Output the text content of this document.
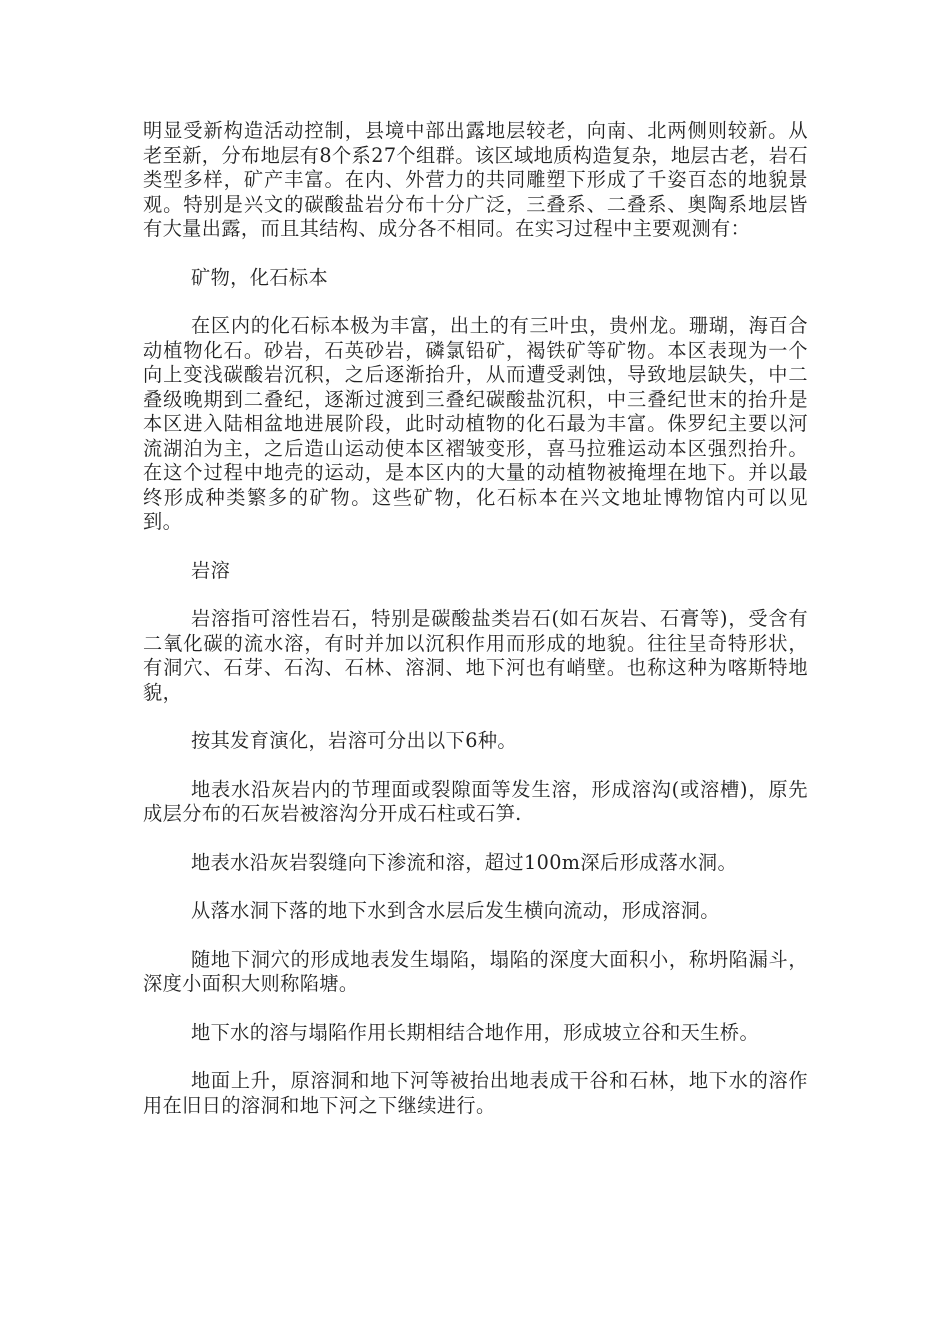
明显受新构造活动控制，县境中部出露地层较老，向南、北两侧则较新。从老至新，分布地层有8个系27个组群。该区域地质构造复杂，地层古老，岩石类型多样，矿产丰富。在内、外营力的共同雕塑下形成了千姿百态的地貌景观。特别是兴文的碳酸盐岩分布十分广泛，三叠系、二叠系、奥陶系地层皆有大量出露，而且其结构、成分各不相同。在实习过程中主要观测有：

矿物，化石标本

在区内的化石标本极为丰富，出土的有三叶虫，贵州龙。珊瑚，海百合动植物化石。砂岩，石英砂岩，磷氯铅矿，褐铁矿等矿物。本区表现为一个向上变浅碳酸岩沉积，之后逐渐抬升，从而遭受剥蚀，导致地层缺失，中二叠级晚期到二叠纪，逐渐过渡到三叠纪碳酸盐沉积，中三叠纪世末的抬升是本区进入陆相盆地进展阶段，此时动植物的化石最为丰富。侏罗纪主要以河流湖泊为主，之后造山运动使本区褶皱变形，喜马拉雅运动本区强烈抬升。在这个过程中地壳的运动，是本区内的大量的动植物被掩埋在地下。并以最终形成种类繁多的矿物。这些矿物，化石标本在兴文地址博物馆内可以见到。

岩溶

岩溶指可溶性岩石，特别是碳酸盐类岩石(如石灰岩、石膏等)，受含有二氧化碳的流水溶，有时并加以沉积作用而形成的地貌。往往呈奇特形状，有洞穴、石芽、石沟、石林、溶洞、地下河也有峭壁。也称这种为喀斯特地貌，

按其发育演化，岩溶可分出以下6种。

地表水沿灰岩内的节理面或裂隙面等发生溶，形成溶沟(或溶槽)，原先成层分布的石灰岩被溶沟分开成石柱或石笋.

地表水沿灰岩裂缝向下渗流和溶，超过100m深后形成落水洞。

从落水洞下落的地下水到含水层后发生横向流动，形成溶洞。

随地下洞穴的形成地表发生塌陷，塌陷的深度大面积小，称坍陷漏斗，深度小面积大则称陷塘。

地下水的溶与塌陷作用长期相结合地作用，形成坡立谷和天生桥。

地面上升，原溶洞和地下河等被抬出地表成干谷和石林，地下水的溶作用在旧日的溶洞和地下河之下继续进行。
